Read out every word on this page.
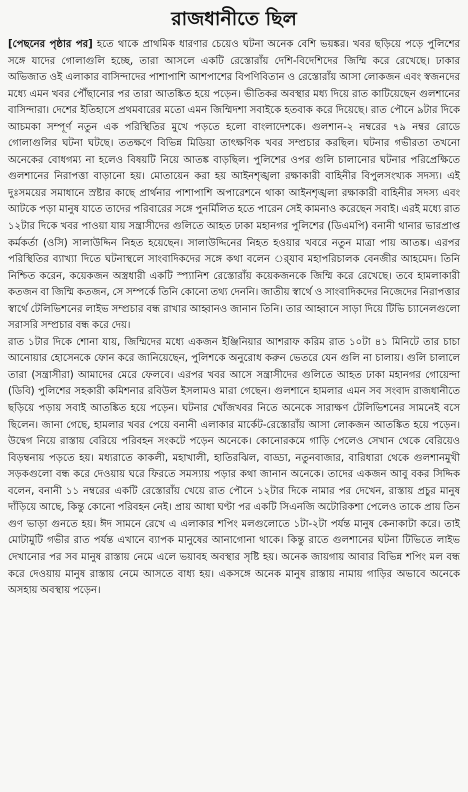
রাজধানীতে ছিল

[পেছনের পৃষ্ঠার পর] হতে থাকে প্রাথমিক ধারণার চেয়েও ঘটনা অনেক বেশি ভয়ঙ্কর। খবর ছড়িয়ে পড়ে পুলিশের সঙ্গে যাদের গোলাগুলি হচ্ছে, তারা আসলে একটি রেস্তোরাঁয় দেশি-বিদেশিদের জিম্মি করে রেখেছে। ঢাকার অভিজাত ওই এলাকার বাসিন্দাদের পাশাপাশি আশপাশের বিপণিবিতান ও রেস্তোরাঁয় আসা লোকজন এবং স্বজনদের মধ্যে এমন খবর পৌঁছানোর পর তারা আতঙ্কিত হয়ে পড়েন। ভীতিকর অবস্থার মধ্য দিয়ে রাত কাটিয়েছেন গুলশানের বাসিন্দারা। দেশের ইতিহাসে প্রথমবারের মতো এমন জিম্মিদশা সবাইকে হতবাক করে দিয়েছে। রাত পৌনে ৯টার দিকে আচমকা সম্পূর্ণ নতুন এক পরিস্থিতির মুখে পড়তে হলো বাংলাদেশকে। গুলশান-২ নম্বরের ৭৯ নম্বর রোডে গোলাগুলির ঘটনা ঘটছে। ততক্ষণে বিভিন্ন মিডিয়া তাৎক্ষণিক খবর সম্প্রচার করছিল। ঘটনার গভীরতা তখনো অনেকের বোধগম্য না হলেও বিষয়টি নিয়ে আতঙ্ক বাড়ছিল। পুলিশের ওপর গুলি চালানোর ঘটনার পরিপ্রেক্ষিতে গুলশানের নিরাপত্তা বাড়ানো হয়। মোতায়েন করা হয় আইনশৃঙ্খলা রক্ষাকারী বাহিনীর বিপুলসংখ্যক সদস্য। এই দুঃসময়ের সমাধানে স্রষ্টার কাছে প্রার্থনার পাশাপাশি অপারেশনে থাকা আইনশৃঙ্খলা রক্ষাকারী বাহিনীর সদস্য এবং আটকে পড়া মানুষ যাতে তাদের পরিবারের সঙ্গে পুনর্মিলিত হতে পারেন সেই কামনাও করেছেন সবাই। এরই মধ্যে রাত ১২টার দিকে খবর পাওয়া যায় সন্ত্রাসীদের গুলিতে আহত ঢাকা মহানগর পুলিশের (ডিএমপি) বনানী থানার ভারপ্রাপ্ত কর্মকর্তা (ওসি) সালাউদ্দিন নিহত হয়েছেন। সালাউদ্দিনের নিহত হওয়ার খবরে নতুন মাত্রা পায় আতঙ্ক। এরপর পরিস্থিতির ব্যাখ্যা দিতে ঘটনাস্থলে সাংবাদিকদের সঙ্গে কথা বলেন র্‍্যাব মহাপরিচালক বেনজীর আহমেদ। তিনি নিশ্চিত করেন, কয়েকজন অস্ত্রধারী একটি স্প্যানিশ রেস্তোরাঁয় কয়েকজনকে জিম্মি করে রেখেছে। তবে হামলাকারী কতজন বা জিম্মি কতজন, সে সম্পর্কে তিনি কোনো তথ্য দেননি। জাতীয় স্বার্থে ও সাংবাদিকদের নিজেদের নিরাপত্তার স্বার্থে টেলিভিশনের লাইভ সম্প্রচার বন্ধ রাখার আহ্বানও জানান তিনি। তার আহ্বানে সাড়া দিয়ে টিভি চ্যানেলগুলো সরাসরি সম্প্রচার বন্ধ করে দেয়।

রাত ১টার দিকে শোনা যায়, জিম্মিদের মধ্যে একজন ইঞ্জিনিয়ার আশরাফ করিম রাত ১০টা ৪১ মিনিটে তার চাচা আনোয়ার হোসেনকে ফোন করে জানিয়েছেন, পুলিশকে অনুরোধ করুন ভেতরে যেন গুলি না চালায়। গুলি চালালে তারা (সন্ত্রাসীরা) আমাদের মেরে ফেলবে। এরপর খবর আসে সন্ত্রাসীদের গুলিতে আহত ঢাকা মহানগর গোয়েন্দা (ডিবি) পুলিশের সহকারী কমিশনার রবিউল ইসলামও মারা গেছেন। গুলশানে হামলার এমন সব সংবাদ রাজধানীতে ছড়িয়ে পড়ায় সবাই আতঙ্কিত হয়ে পড়েন। ঘটনার খোঁজখবর নিতে অনেকে সারাক্ষণ টেলিভিশনের সামনেই বসে ছিলেন। জানা গেছে, হামলার খবর পেয়ে বনানী এলাকার মার্কেট-রেস্তোরাঁয় আসা লোকজন আতঙ্কিত হয়ে পড়েন। উদ্বেগ নিয়ে রাস্তায় বেরিয়ে পরিবহন সংকটে পড়েন অনেকে। কোনোরকমে গাড়ি পেলেও সেখান থেকে বেরিয়েও বিড়ম্বনায় পড়তে হয়। মধ্যরাতে কাকলী, মহাখালী, হাতিরঝিল, বাড্ডা, নতুনবাজার, বারিধারা থেকে গুলশানমুখী সড়কগুলো বন্ধ করে দেওয়ায় ঘরে ফিরতে সমস্যায় পড়ার কথা জানান অনেকে। তাদের একজন আবু বকর সিদ্দিক বলেন, বনানী ১১ নম্বরের একটি রেস্তোরাঁয় খেয়ে রাত পৌনে ১২টার দিকে নামার পর দেখেন, রাস্তায় প্রচুর মানুষ দাঁড়িয়ে আছে, কিন্তু কোনো পরিবহন নেই। প্রায় আধা ঘণ্টা পর একটি সিএনজি অটোরিকশা পেলেও তাকে প্রায় তিন গুণ ভাড়া গুনতে হয়। ঈদ সামনে রেখে এ এলাকার শপিং মলগুলোতে ১টা-২টা পর্যন্ত মানুষ কেনাকাটা করে। তাই মোটামুটি গভীর রাত পর্যন্ত এখানে ব্যাপক মানুষের আনাগোনা থাকে। কিন্তু রাতে গুলশানের ঘটনা টিভিতে লাইভ দেখানোর পর সব মানুষ রাস্তায় নেমে এলে ভয়াবহ অবস্থার সৃষ্টি হয়। অনেক জায়গায় আবার বিভিন্ন শপিং মল বন্ধ করে দেওয়ায় মানুষ রাস্তায় নেমে আসতে বাধ্য হয়। একসঙ্গে অনেক মানুষ রাস্তায় নামায় গাড়ির অভাবে অনেকে অসহায় অবস্থায় পড়েন।
